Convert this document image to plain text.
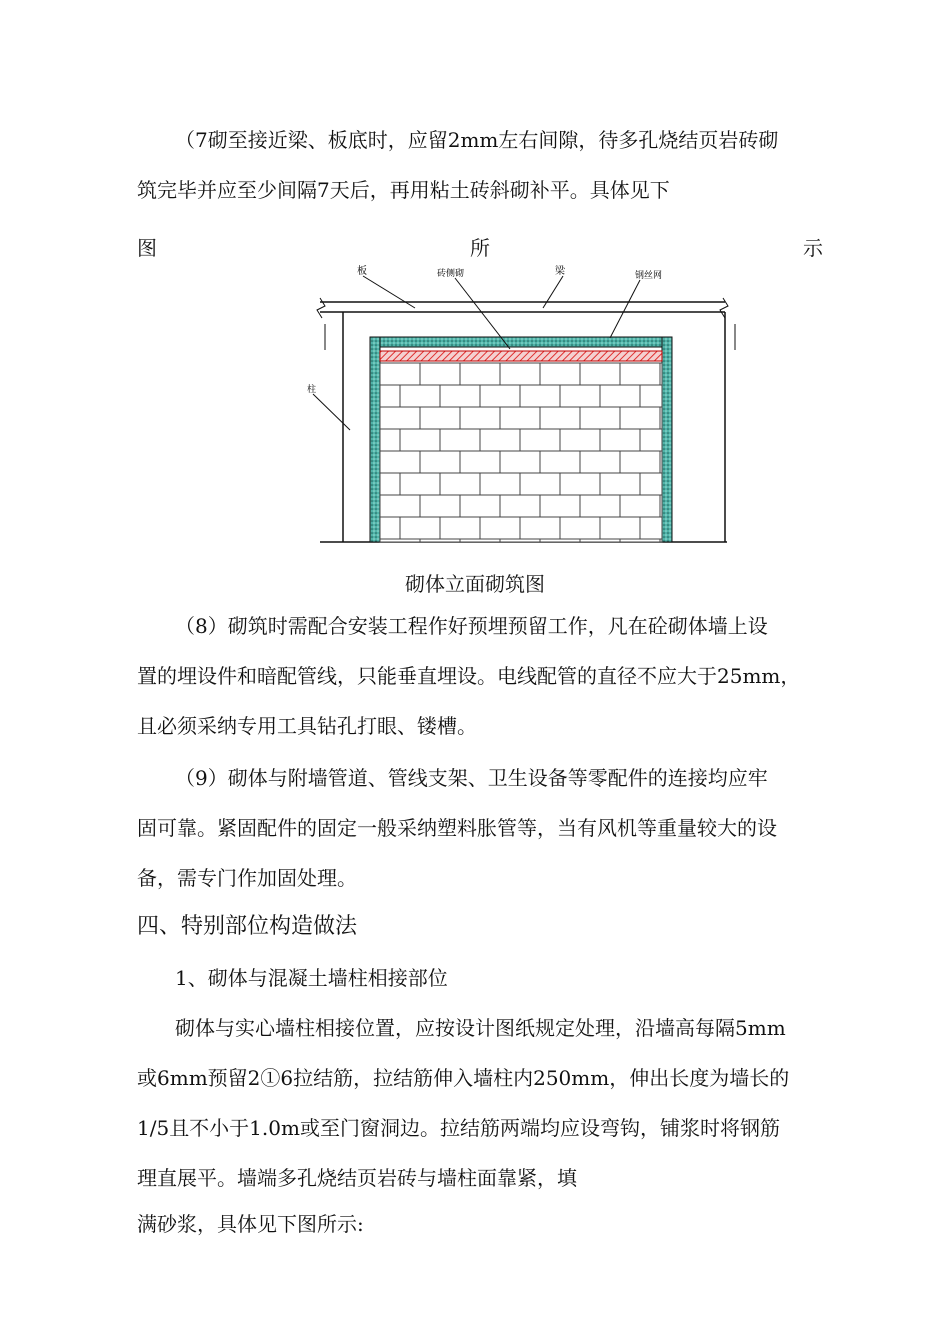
（7砌至接近梁、板底时，应留2mm左右间隙，待多孔烧结页岩砖砌
筑完毕并应至少间隔7天后，再用粘土砖斜砌补平。具体见下
图	所	示
板	砖侧砌	梁	钢丝网
柱
砌体立面砌筑图
（8）砌筑时需配合安装工程作好预埋预留工作，凡在砼砌体墙上设
置的埋设件和暗配管线，只能垂直埋设。电线配管的直径不应大于25mm，
且必须采纳专用工具钻孔打眼、镂槽。
（9）砌体与附墙管道、管线支架、卫生设备等零配件的连接均应牢
固可靠。紧固配件的固定一般采纳塑料胀管等，当有风机等重量较大的设
备，需专门作加固处理。
四、特别部位构造做法
1、砌体与混凝土墙柱相接部位
砌体与实心墙柱相接位置，应按设计图纸规定处理，沿墙高每隔5mm
或6mm预留2①6拉结筋，拉结筋伸入墙柱内250mm，伸出长度为墙长的
1/5且不小于1.0m或至门窗洞边。拉结筋两端均应设弯钩，铺浆时将钢筋
理直展平。墙端多孔烧结页岩砖与墙柱面靠紧，填
满砂浆，具体见下图所示:
